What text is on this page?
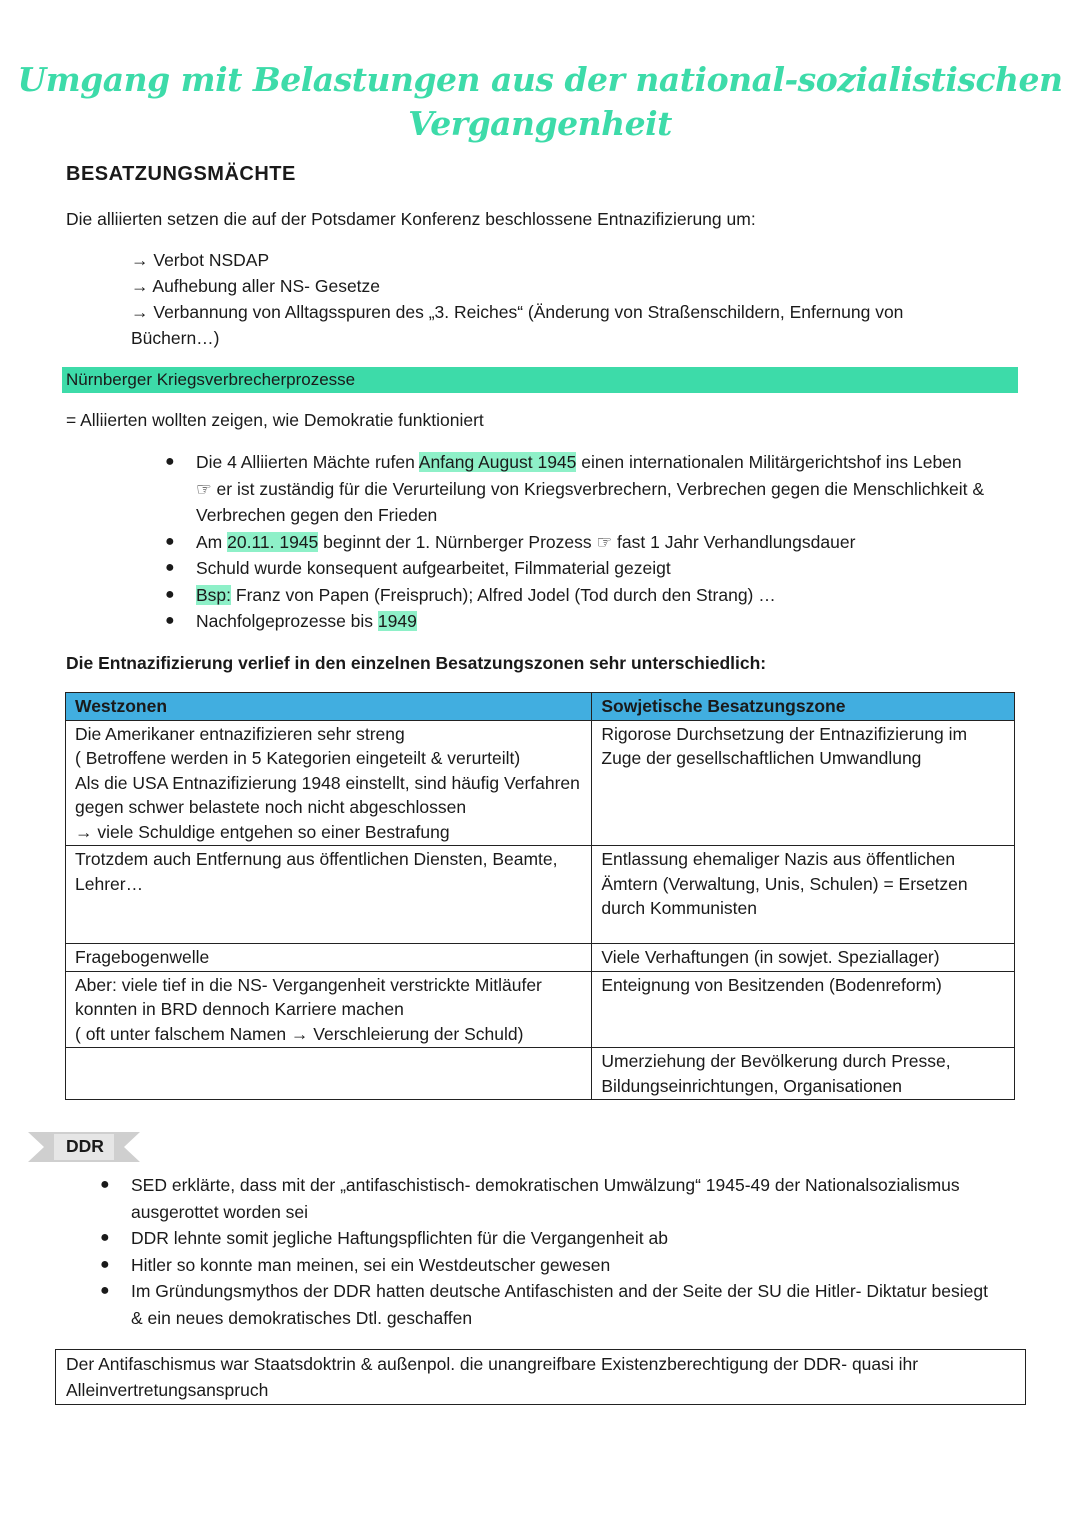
Umgang mit Belastungen aus der national-sozialistischen
Vergangenheit
BESATZUNGSMÄCHTE
Die alliierten setzen die auf der Potsdamer Konferenz beschlossene Entnazifizierung um:
→ Verbot NSDAP
→ Aufhebung aller NS- Gesetze
→ Verbannung von Alltagsspuren des „3. Reiches“ (Änderung von Straßenschildern, Enfernung von Büchern…)
Nürnberger Kriegsverbrecherprozesse
= Alliierten wollten zeigen, wie Demokratie funktioniert
● Die 4 Alliierten Mächte rufen Anfang August 1945 einen internationalen Militärgerichtshof ins Leben
☞ er ist zuständig für die Verurteilung von Kriegsverbrechern, Verbrechen gegen die Menschlichkeit & Verbrechen gegen den Frieden
● Am 20.11. 1945 beginnt der 1. Nürnberger Prozess ☞ fast 1 Jahr Verhandlungsdauer
● Schuld wurde konsequent aufgearbeitet, Filmmaterial gezeigt
● Bsp: Franz von Papen (Freispruch); Alfred Jodel (Tod durch den Strang) …
● Nachfolgeprozesse bis 1949
Die Entnazifizierung verlief in den einzelnen Besatzungszonen sehr unterschiedlich:
Westzonen	Sowjetische Besatzungszone

Die Amerikaner entnazifizieren sehr streng
( Betroffene werden in 5 Kategorien eingeteilt & verurteilt)
Als die USA Entnazifizierung 1948 einstellt, sind häufig Verfahren gegen schwer belastete noch nicht abgeschlossen
→ viele Schuldige entgehen so einer Bestrafung	Rigorose Durchsetzung der Entnazifizierung im Zuge der gesellschaftlichen Umwandlung
Trotzdem auch Entfernung aus öffentlichen Diensten, Beamte, Lehrer…	Entlassung ehemaliger Nazis aus öffentlichen Ämtern (Verwaltung, Unis, Schulen) = Ersetzen durch Kommunisten
Fragebogenwelle	Viele Verhaftungen (in sowjet. Speziallager)

Aber: viele tief in die NS- Vergangenheit verstrickte Mitläufer konnten in BRD dennoch Karriere machen
( oft unter falschem Namen → Verschleierung der Schuld)	Enteignung von Besitzenden (Bodenreform)
	Umerziehung der Bevölkerung durch Presse, Bildungseinrichtungen, Organisationen
DDR
● SED erklärte, dass mit der „antifaschistisch- demokratischen Umwälzung“ 1945-49 der Nationalsozialismus ausgerottet worden sei
● DDR lehnte somit jegliche Haftungspflichten für die Vergangenheit ab
● Hitler so konnte man meinen, sei ein Westdeutscher gewesen
● Im Gründungsmythos der DDR hatten deutsche Antifaschisten and der Seite der SU die Hitler- Diktatur besiegt & ein neues demokratisches Dtl. geschaffen
Der Antifaschismus war Staatsdoktrin & außenpol. die unangreifbare Existenzberechtigung der DDR- quasi ihr Alleinvertretungsanspruch
